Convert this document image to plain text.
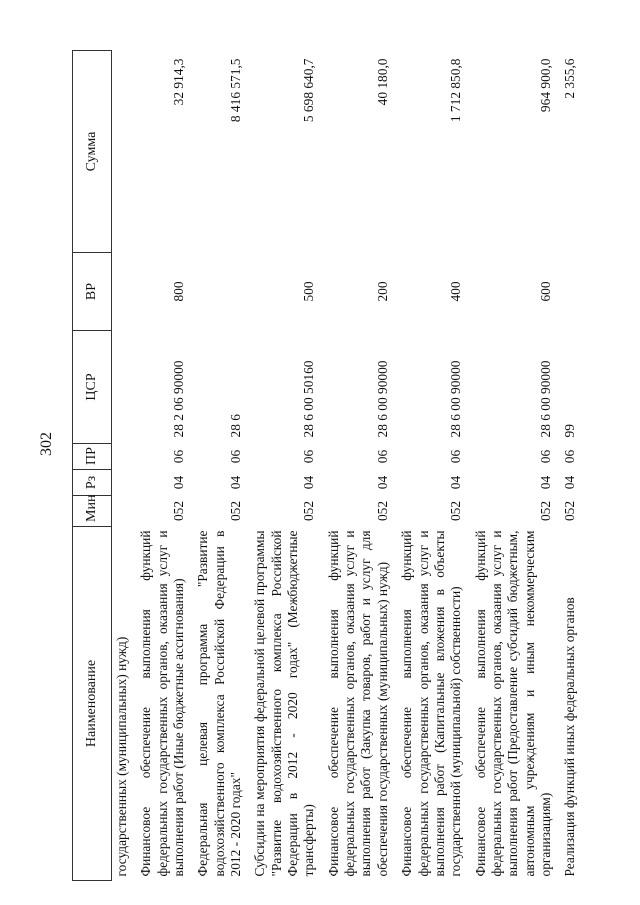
302
Наименование	Мин	Рз	ПР	ЦСР	ВР	Сумма
государственных (муниципальных) нужд)						
Финансовое обеспечение выполнения функций федеральных государственных органов, оказания услуг и выполнения работ (Иные бюджетные ассигнования)	052	04	06	28 2 06 90000	800	32 914,3
Федеральная целевая программа "Развитие водохозяйственного комплекса Российской Федерации в 2012 - 2020 годах"	052	04	06	28 6		8 416 571,5
Субсидии на мероприятия федеральной целевой программы "Развитие водохозяйственного комплекса Российской Федерации в 2012 - 2020 годах" (Межбюджетные трансферты)	052	04	06	28 6 00 50160	500	5 698 640,7
Финансовое обеспечение выполнения функций федеральных государственных органов, оказания услуг и выполнения работ (Закупка товаров, работ и услуг для обеспечения государственных (муниципальных) нужд)	052	04	06	28 6 00 90000	200	40 180,0
Финансовое обеспечение выполнения функций федеральных государственных органов, оказания услуг и выполнения работ (Капитальные вложения в объекты государственной (муниципальной) собственности)	052	04	06	28 6 00 90000	400	1 712 850,8
Финансовое обеспечение выполнения функций федеральных государственных органов, оказания услуг и выполнения работ (Предоставление субсидий бюджетным, автономным учреждениям и иным некоммерческим организациям)	052	04	06	28 6 00 90000	600	964 900,0
Реализация функций иных федеральных органов	052	04	06	99		2 355,6
